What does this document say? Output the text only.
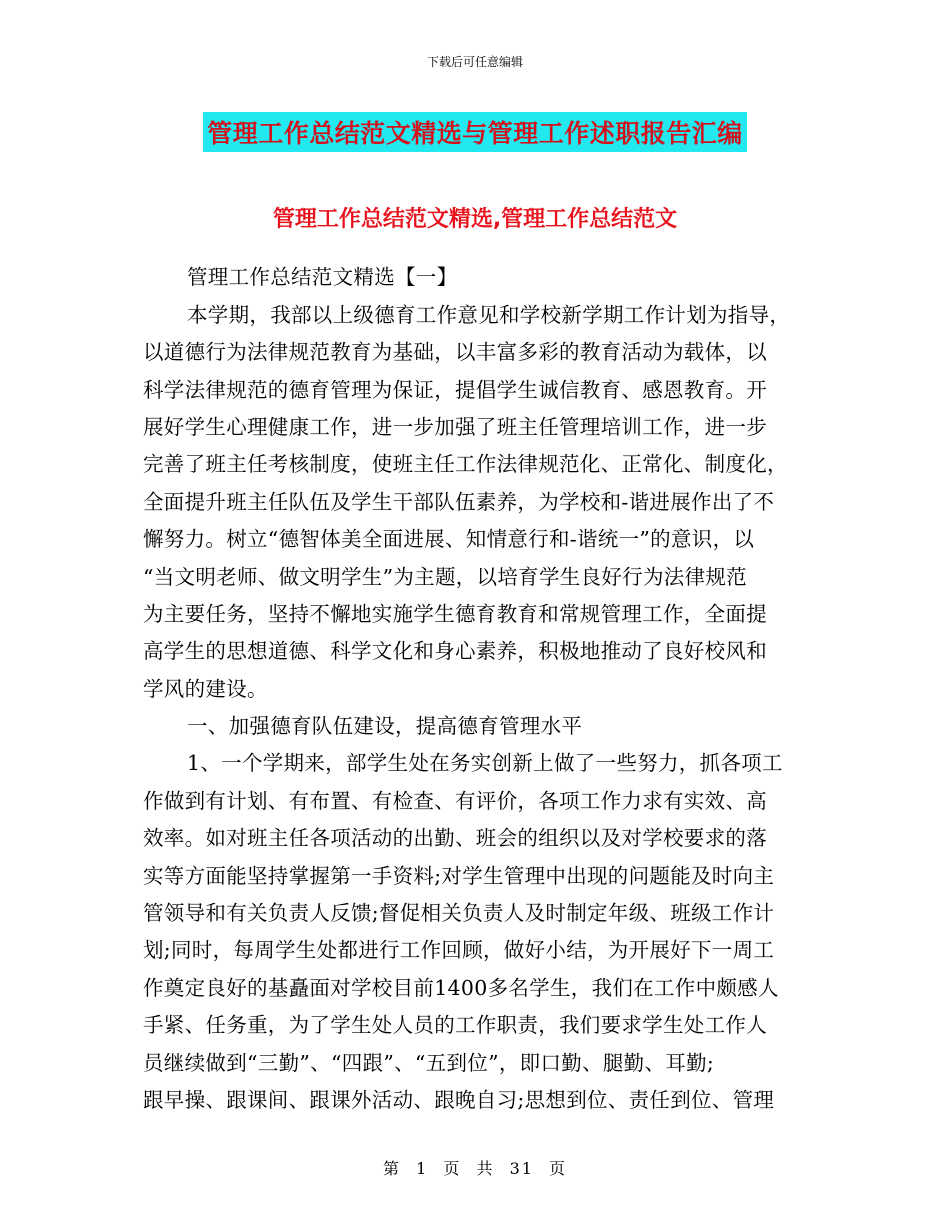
下载后可任意编辑
管理工作总结范文精选与管理工作述职报告汇编
管理工作总结范文精选,管理工作总结范文
管理工作总结范文精选【一】
本学期，我部以上级德育工作意见和学校新学期工作计划为指导，
以道德行为法律规范教育为基础，以丰富多彩的教育活动为载体，以
科学法律规范的德育管理为保证，提倡学生诚信教育、感恩教育。开
展好学生心理健康工作，进一步加强了班主任管理培训工作，进一步
完善了班主任考核制度，使班主任工作法律规范化、正常化、制度化，
全面提升班主任队伍及学生干部队伍素养，为学校和-谐进展作出了不
懈努力。树立“德智体美全面进展、知情意行和-谐统一”的意识，以
“当文明老师、做文明学生”为主题，以培育学生良好行为法律规范
为主要任务，坚持不懈地实施学生德育教育和常规管理工作，全面提
高学生的思想道德、科学文化和身心素养，积极地推动了良好校风和
学风的建设。
一、加强德育队伍建设，提高德育管理水平
1、一个学期来，部学生处在务实创新上做了一些努力，抓各项工
作做到有计划、有布置、有检查、有评价，各项工作力求有实效、高
效率。如对班主任各项活动的出勤、班会的组织以及对学校要求的落
实等方面能坚持掌握第一手资料;对学生管理中出现的问题能及时向主
管领导和有关负责人反馈;督促相关负责人及时制定年级、班级工作计
划;同时，每周学生处都进行工作回顾，做好小结，为开展好下一周工
作奠定良好的基矗面对学校目前1400多名学生，我们在工作中颇感人
手紧、任务重，为了学生处人员的工作职责，我们要求学生处工作人
员继续做到“三勤”、“四跟”、“五到位”，即口勤、腿勤、耳勤;
跟早操、跟课间、跟课外活动、跟晚自习;思想到位、责任到位、管理
第 1 页 共 31 页
